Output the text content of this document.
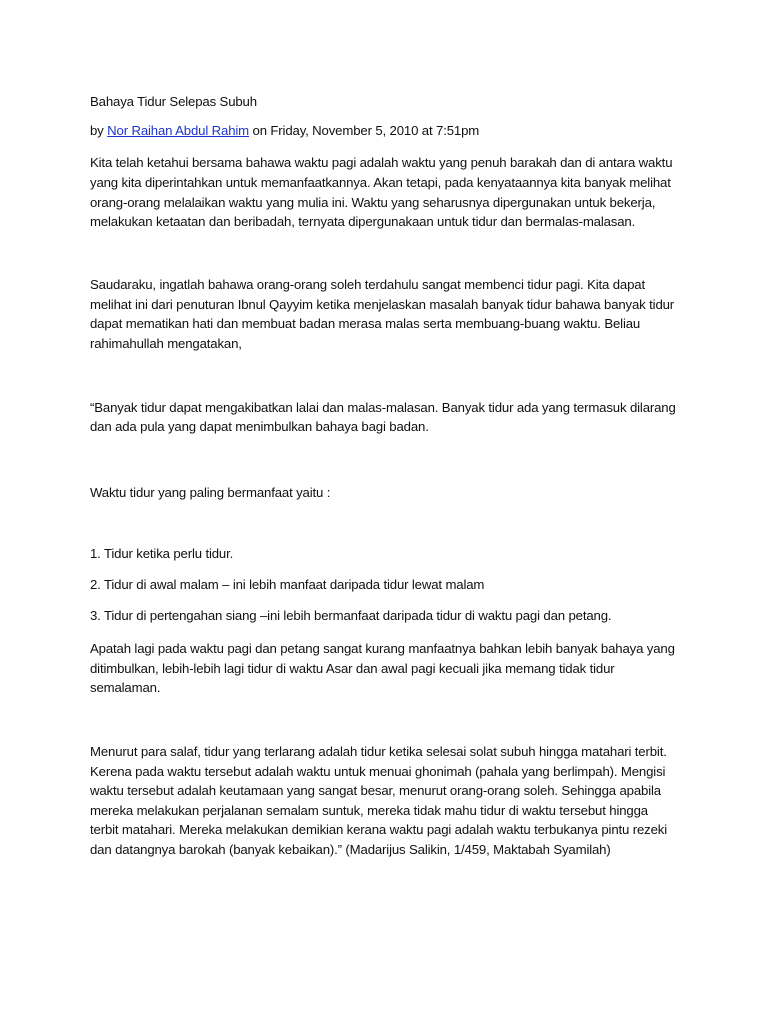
Bahaya Tidur Selepas Subuh
by Nor Raihan Abdul Rahim on Friday, November 5, 2010 at 7:51pm
Kita telah ketahui bersama bahawa waktu pagi adalah waktu yang penuh barakah dan di antara waktu
yang kita diperintahkan untuk memanfaatkannya. Akan tetapi, pada kenyataannya kita banyak melihat
orang-orang melalaikan waktu yang mulia ini. Waktu yang seharusnya dipergunakan untuk bekerja,
melakukan ketaatan dan beribadah, ternyata dipergunakaan untuk tidur dan bermalas-malasan.
Saudaraku, ingatlah bahawa orang-orang soleh terdahulu sangat membenci tidur pagi. Kita dapat
melihat ini dari penuturan Ibnul Qayyim ketika menjelaskan masalah banyak tidur bahawa banyak tidur
dapat mematikan hati dan membuat badan merasa malas serta membuang-buang waktu. Beliau
rahimahullah mengatakan,
“Banyak tidur dapat mengakibatkan lalai dan malas-malasan. Banyak tidur ada yang termasuk dilarang
dan ada pula yang dapat menimbulkan bahaya bagi badan.
Waktu tidur yang paling bermanfaat yaitu :
1. Tidur ketika perlu tidur.
2. Tidur di awal malam – ini lebih manfaat daripada tidur lewat malam
3. Tidur di pertengahan siang –ini lebih bermanfaat daripada tidur di waktu pagi dan petang.
Apatah lagi pada waktu pagi dan petang sangat kurang manfaatnya bahkan lebih banyak bahaya yang
ditimbulkan, lebih-lebih lagi tidur di waktu Asar dan awal pagi kecuali jika memang tidak tidur
semalaman.
Menurut para salaf, tidur yang terlarang adalah tidur ketika selesai solat subuh hingga matahari terbit.
Kerena pada waktu tersebut adalah waktu untuk menuai ghonimah (pahala yang berlimpah). Mengisi
waktu tersebut adalah keutamaan yang sangat besar, menurut orang-orang soleh. Sehingga apabila
mereka melakukan perjalanan semalam suntuk, mereka tidak mahu tidur di waktu tersebut hingga
terbit matahari. Mereka melakukan demikian kerana waktu pagi adalah waktu terbukanya pintu rezeki
dan datangnya barokah (banyak kebaikan).” (Madarijus Salikin, 1/459, Maktabah Syamilah)
